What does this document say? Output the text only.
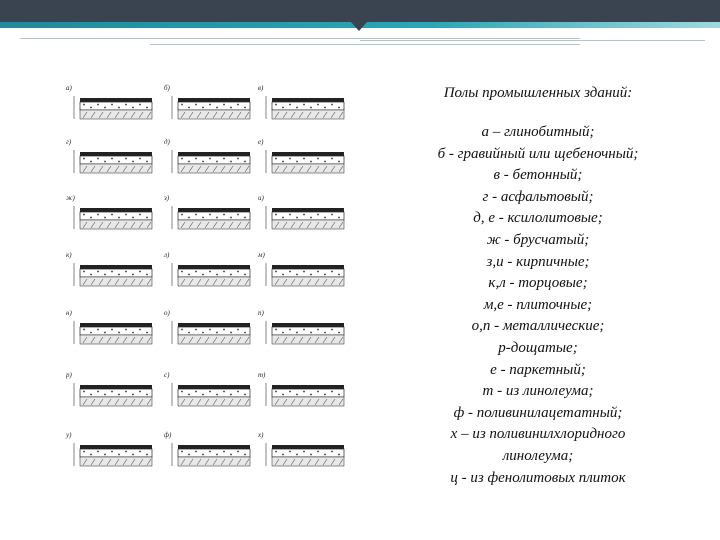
а)	б)	в)
г)	д)	е)
ж)	з)	и)
к)	л)	м)
н)	о)	п)
р)	с)	т)
у)	ф)	х)
Полы промышленных зданий:
а – глинобитный;
б - гравийный или щебеночный;
в - бетонный;
г - асфальтовый;
д, е - ксилолитовые;
ж - брусчатый;
з,и - кирпичные;
к,л - торцовые;
м,е - плиточные;
о,п - металлические;
р-дощатые;
е - паркетный;
т - из линолеума;
ф - поливинилацетатный;
х – из поливинилхлоридного
линолеума;
ц - из фенолитовых плиток
